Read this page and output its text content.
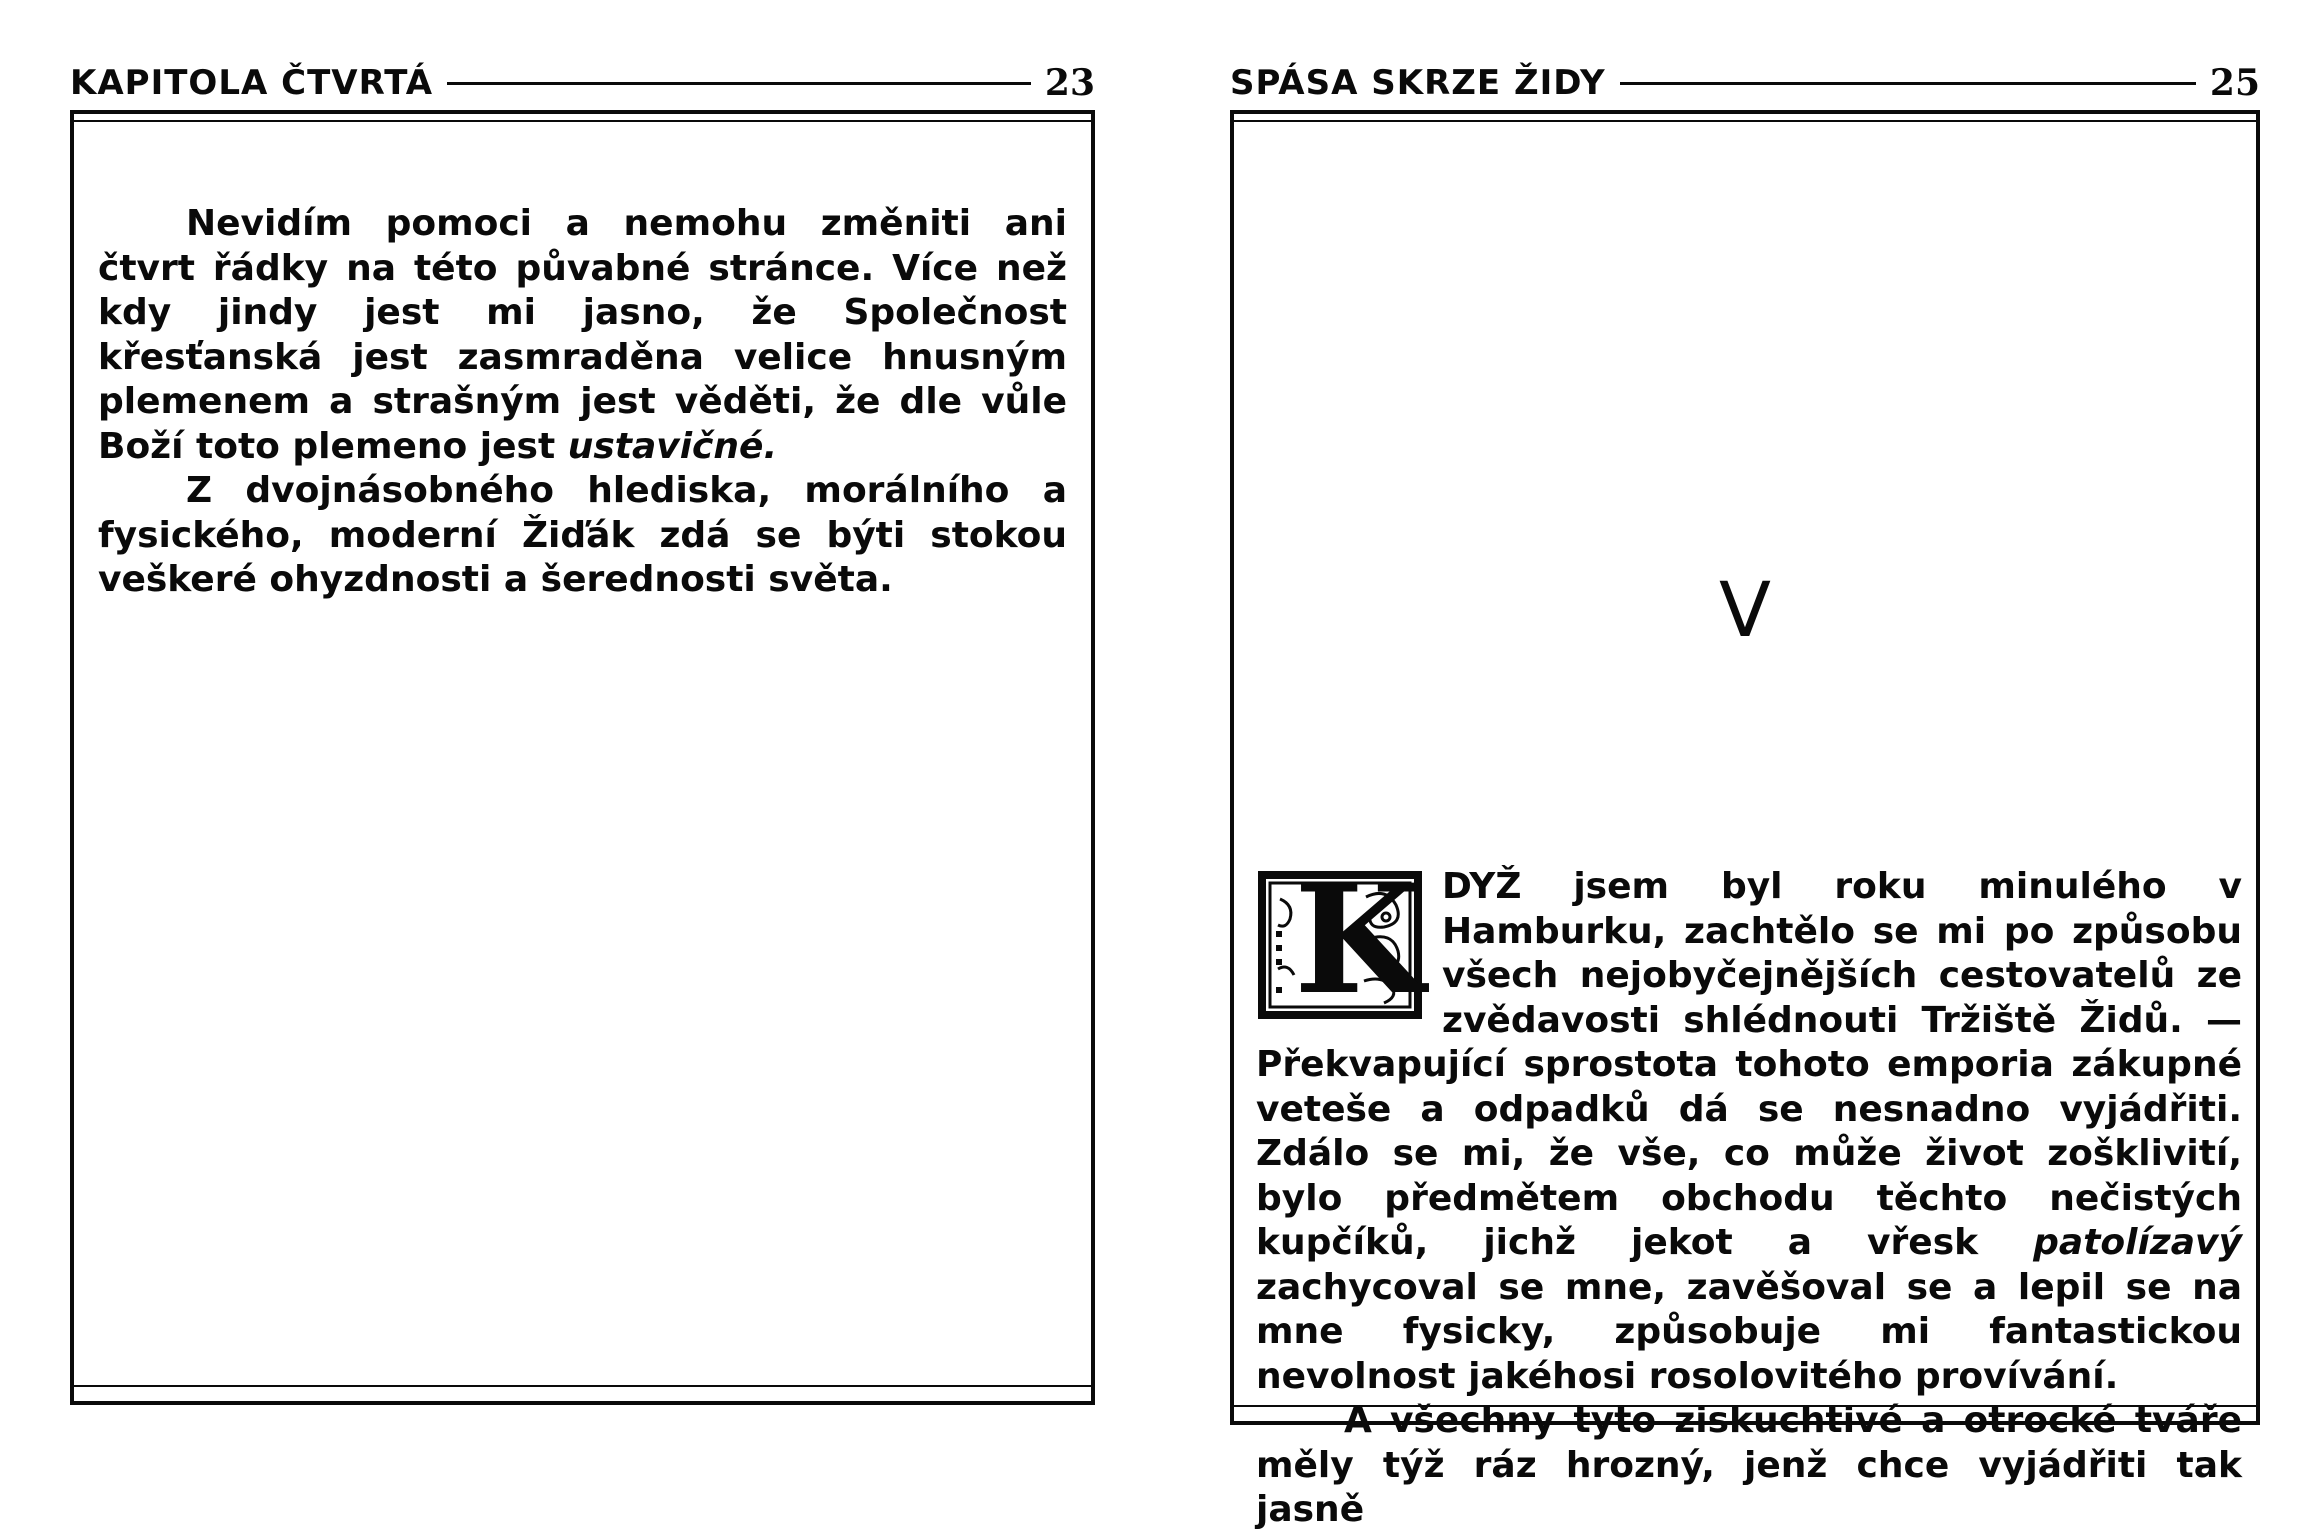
KAPITOLA ČTVRTÁ	23

Nevidím pomoci a nemohu změniti ani čtvrt řádky na této půvabné stránce. Více než kdy jindy jest mi jasno, že Společnost křesťanská jest zasmraděna velice hnusným plemenem a strašným jest věděti, že dle vůle Boží toto plemeno jest ustavičné.

Z dvojnásobného hlediska, morálního a fysického, moderní Žiďák zdá se býti stokou veškeré ohyzdnosti a šerednosti světa.

SPÁSA SKRZE ŽIDY	25
V
K DYŽ jsem byl roku minulého v Hamburku, zachtělo se mi po způsobu všech nejobyčejnějších cestovatelů ze zvědavosti shlédnouti Tržiště Židů. — Překvapující sprostota tohoto emporia zákupné veteše a odpadků dá se nesnadno vyjádřiti. Zdálo se mi, že vše, co může život zošklivití, bylo předmětem obchodu těchto nečistých kupčíků, jichž jekot a vřesk patolízavý zachycoval se mne, zavěšoval se a lepil se na mne fysicky, způsobuje mi fantastickou nevolnost jakéhosi rosolovitého provívání.

A všechny tyto ziskuchtivé a otrocké tváře měly týž ráz hrozný, jenž chce vyjádřiti tak jasně
